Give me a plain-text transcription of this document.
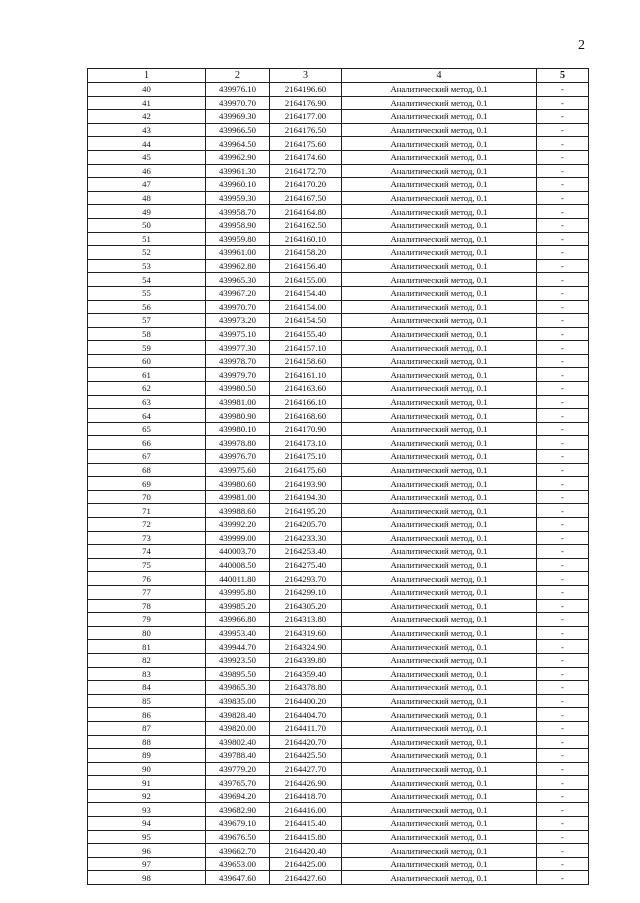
2
1	2	3	4	5
40	439976.10	2164196.60	Аналитический метод, 0.1	-
41	439970.70	2164176.90	Аналитический метод, 0.1	-
42	439969.30	2164177.00	Аналитический метод, 0.1	-
43	439966.50	2164176.50	Аналитический метод, 0.1	-
44	439964.50	2164175.60	Аналитический метод, 0.1	-
45	439962.90	2164174.60	Аналитический метод, 0.1	-
46	439961.30	2164172.70	Аналитический метод, 0.1	-
47	439960.10	2164170.20	Аналитический метод, 0.1	-
48	439959.30	2164167.50	Аналитический метод, 0.1	-
49	439958.70	2164164.80	Аналитический метод, 0.1	-
50	439958.90	2164162.50	Аналитический метод, 0.1	-
51	439959.80	2164160.10	Аналитический метод, 0.1	-
52	439961.00	2164158.20	Аналитический метод, 0.1	-
53	439962.80	2164156.40	Аналитический метод, 0.1	-
54	439965.30	2164155.00	Аналитический метод, 0.1	-
55	439967.20	2164154.40	Аналитический метод, 0.1	-
56	439970.70	2164154.00	Аналитический метод, 0.1	-
57	439973.20	2164154.50	Аналитический метод, 0.1	-
58	439975.10	2164155.40	Аналитический метод, 0.1	-
59	439977.30	2164157.10	Аналитический метод, 0.1	-
60	439978.70	2164158.60	Аналитический метод, 0.1	-
61	439979.70	2164161.10	Аналитический метод, 0.1	-
62	439980.50	2164163.60	Аналитический метод, 0.1	-
63	439981.00	2164166.10	Аналитический метод, 0.1	-
64	439980.90	2164168.60	Аналитический метод, 0.1	-
65	439980.10	2164170.90	Аналитический метод, 0.1	-
66	439978.80	2164173.10	Аналитический метод, 0.1	-
67	439976.70	2164175.10	Аналитический метод, 0.1	-
68	439975.60	2164175.60	Аналитический метод, 0.1	-
69	439980.60	2164193.90	Аналитический метод, 0.1	-
70	439981.00	2164194.30	Аналитический метод, 0.1	-
71	439988.60	2164195.20	Аналитический метод, 0.1	-
72	439992.20	2164205.70	Аналитический метод, 0.1	-
73	439999.00	2164233.30	Аналитический метод, 0.1	-
74	440003.70	2164253.40	Аналитический метод, 0.1	-
75	440008.50	2164275.40	Аналитический метод, 0.1	-
76	440011.80	2164293.70	Аналитический метод, 0.1	-
77	439995.80	2164299.10	Аналитический метод, 0.1	-
78	439985.20	2164305.20	Аналитический метод, 0.1	-
79	439966.80	2164313.80	Аналитический метод, 0.1	-
80	439953.40	2164319.60	Аналитический метод, 0.1	-
81	439944.70	2164324.90	Аналитический метод, 0.1	-
82	439923.50	2164339.80	Аналитический метод, 0.1	-
83	439895.50	2164359.40	Аналитический метод, 0.1	-
84	439865.30	2164378.80	Аналитический метод, 0.1	-
85	439835.00	2164400.20	Аналитический метод, 0.1	-
86	439828.40	2164404.70	Аналитический метод, 0.1	-
87	439820.00	2164411.70	Аналитический метод, 0.1	-
88	439802.40	2164420.70	Аналитический метод, 0.1	-
89	439788.40	2164425.50	Аналитический метод, 0.1	-
90	439779.20	2164427.70	Аналитический метод, 0.1	-
91	439765.70	2164426.90	Аналитический метод, 0.1	-
92	439694.20	2164418.70	Аналитический метод, 0.1	-
93	439682.90	2164416.00	Аналитический метод, 0.1	-
94	439679.10	2164415.40	Аналитический метод, 0.1	-
95	439676.50	2164415.80	Аналитический метод, 0.1	-
96	439662.70	2164420.40	Аналитический метод, 0.1	-
97	439653.00	2164425.00	Аналитический метод, 0.1	-
98	439647.60	2164427.60	Аналитический метод, 0.1	-
